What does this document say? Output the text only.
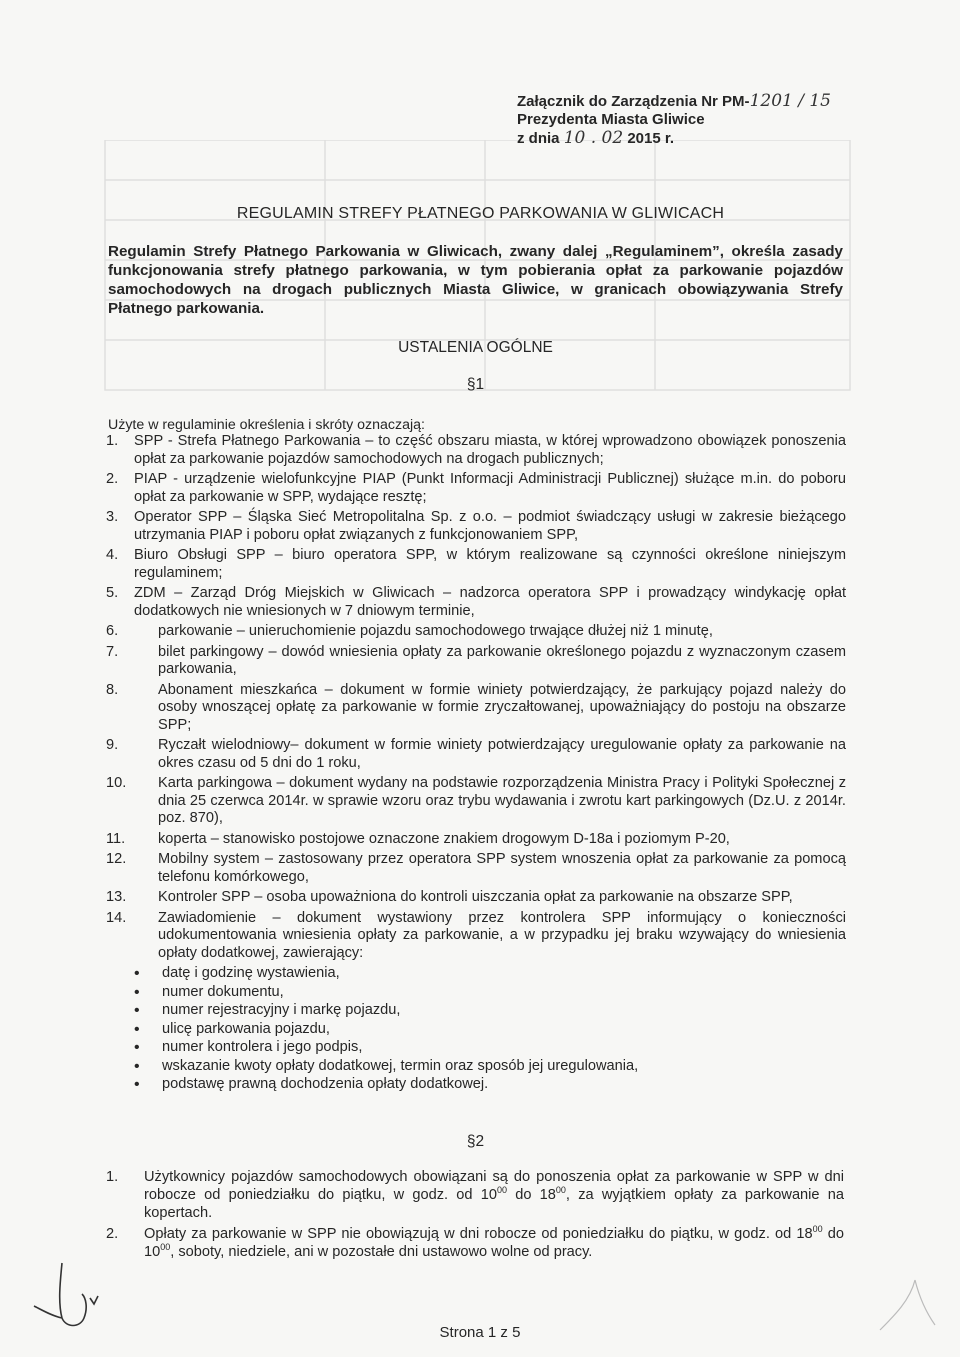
Załącznik do Zarządzenia Nr PM-1201 / 15
Prezydenta Miasta Gliwice
z dnia 10 . 02 2015 r.
REGULAMIN STREFY PŁATNEGO PARKOWANIA W GLIWICACH
Regulamin Strefy Płatnego Parkowania w Gliwicach, zwany dalej „Regulaminem”, określa zasady funkcjonowania strefy płatnego parkowania, w tym pobierania opłat za parkowanie pojazdów samochodowych na drogach publicznych Miasta Gliwice, w granicach obowiązywania Strefy Płatnego parkowania.
USTALENIA OGÓLNE
§1
Użyte w regulaminie określenia i skróty oznaczają:
1.	SPP - Strefa Płatnego Parkowania – to część obszaru miasta, w której wprowadzono obowiązek ponoszenia opłat za parkowanie pojazdów samochodowych na drogach publicznych;
2.	PIAP - urządzenie wielofunkcyjne PIAP (Punkt Informacji Administracji Publicznej) służące m.in. do poboru opłat za parkowanie w SPP, wydające resztę;
3.	Operator SPP – Śląska Sieć Metropolitalna Sp. z o.o. – podmiot świadczący usługi w zakresie bieżącego utrzymania PIAP i poboru opłat związanych z funkcjonowaniem SPP,
4.	Biuro Obsługi SPP – biuro operatora SPP, w którym realizowane są czynności określone niniejszym regulaminem;
5.	ZDM – Zarząd Dróg Miejskich w Gliwicach – nadzorca operatora SPP i prowadzący windykację opłat dodatkowych nie wniesionych w 7 dniowym terminie,
6.	parkowanie – unieruchomienie pojazdu samochodowego trwające dłużej niż 1 minutę,
7.	bilet parkingowy – dowód wniesienia opłaty za parkowanie określonego pojazdu z wyznaczonym czasem parkowania,
8.	Abonament mieszkańca – dokument w formie winiety potwierdzający, że parkujący pojazd należy do osoby wnoszącej opłatę za parkowanie w formie zryczałtowanej, upoważniający do postoju na obszarze SPP;
9.	Ryczałt wielodniowy– dokument w formie winiety potwierdzający uregulowanie opłaty za parkowanie na okres czasu od 5 dni do 1 roku,
10.	Karta parkingowa – dokument wydany na podstawie rozporządzenia Ministra Pracy i Polityki Społecznej z dnia 25 czerwca 2014r. w sprawie wzoru oraz trybu wydawania i zwrotu kart parkingowych (Dz.U. z 2014r. poz. 870),
11.	koperta – stanowisko postojowe oznaczone znakiem drogowym D-18a i poziomym P-20,
12.	Mobilny system – zastosowany przez operatora SPP system wnoszenia opłat za parkowanie za pomocą telefonu komórkowego,
13.	Kontroler SPP – osoba upoważniona do kontroli uiszczania opłat za parkowanie na obszarze SPP,
14.	Zawiadomienie – dokument wystawiony przez kontrolera SPP informujący o konieczności udokumentowania wniesienia opłaty za parkowanie, a w przypadku jej braku wzywający do wniesienia opłaty dodatkowej, zawierający:
•	datę i godzinę wystawienia,
•	numer dokumentu,
•	numer rejestracyjny i markę pojazdu,
•	ulicę parkowania pojazdu,
•	numer kontrolera i jego podpis,
•	wskazanie kwoty opłaty dodatkowej, termin oraz sposób jej uregulowania,
•	podstawę prawną dochodzenia opłaty dodatkowej.
§2
1.	Użytkownicy pojazdów samochodowych obowiązani są do ponoszenia opłat za parkowanie w SPP w dni robocze od poniedziałku do piątku, w godz. od $10^{00}$ do $18^{00}$, za wyjątkiem opłaty za parkowanie na kopertach.
2.	Opłaty za parkowanie w SPP nie obowiązują w dni robocze od poniedziałku do piątku, w godz. od $18^{00}$ do $10^{00}$, soboty, niedziele, ani w pozostałe dni ustawowo wolne od pracy.
Strona 1 z 5
